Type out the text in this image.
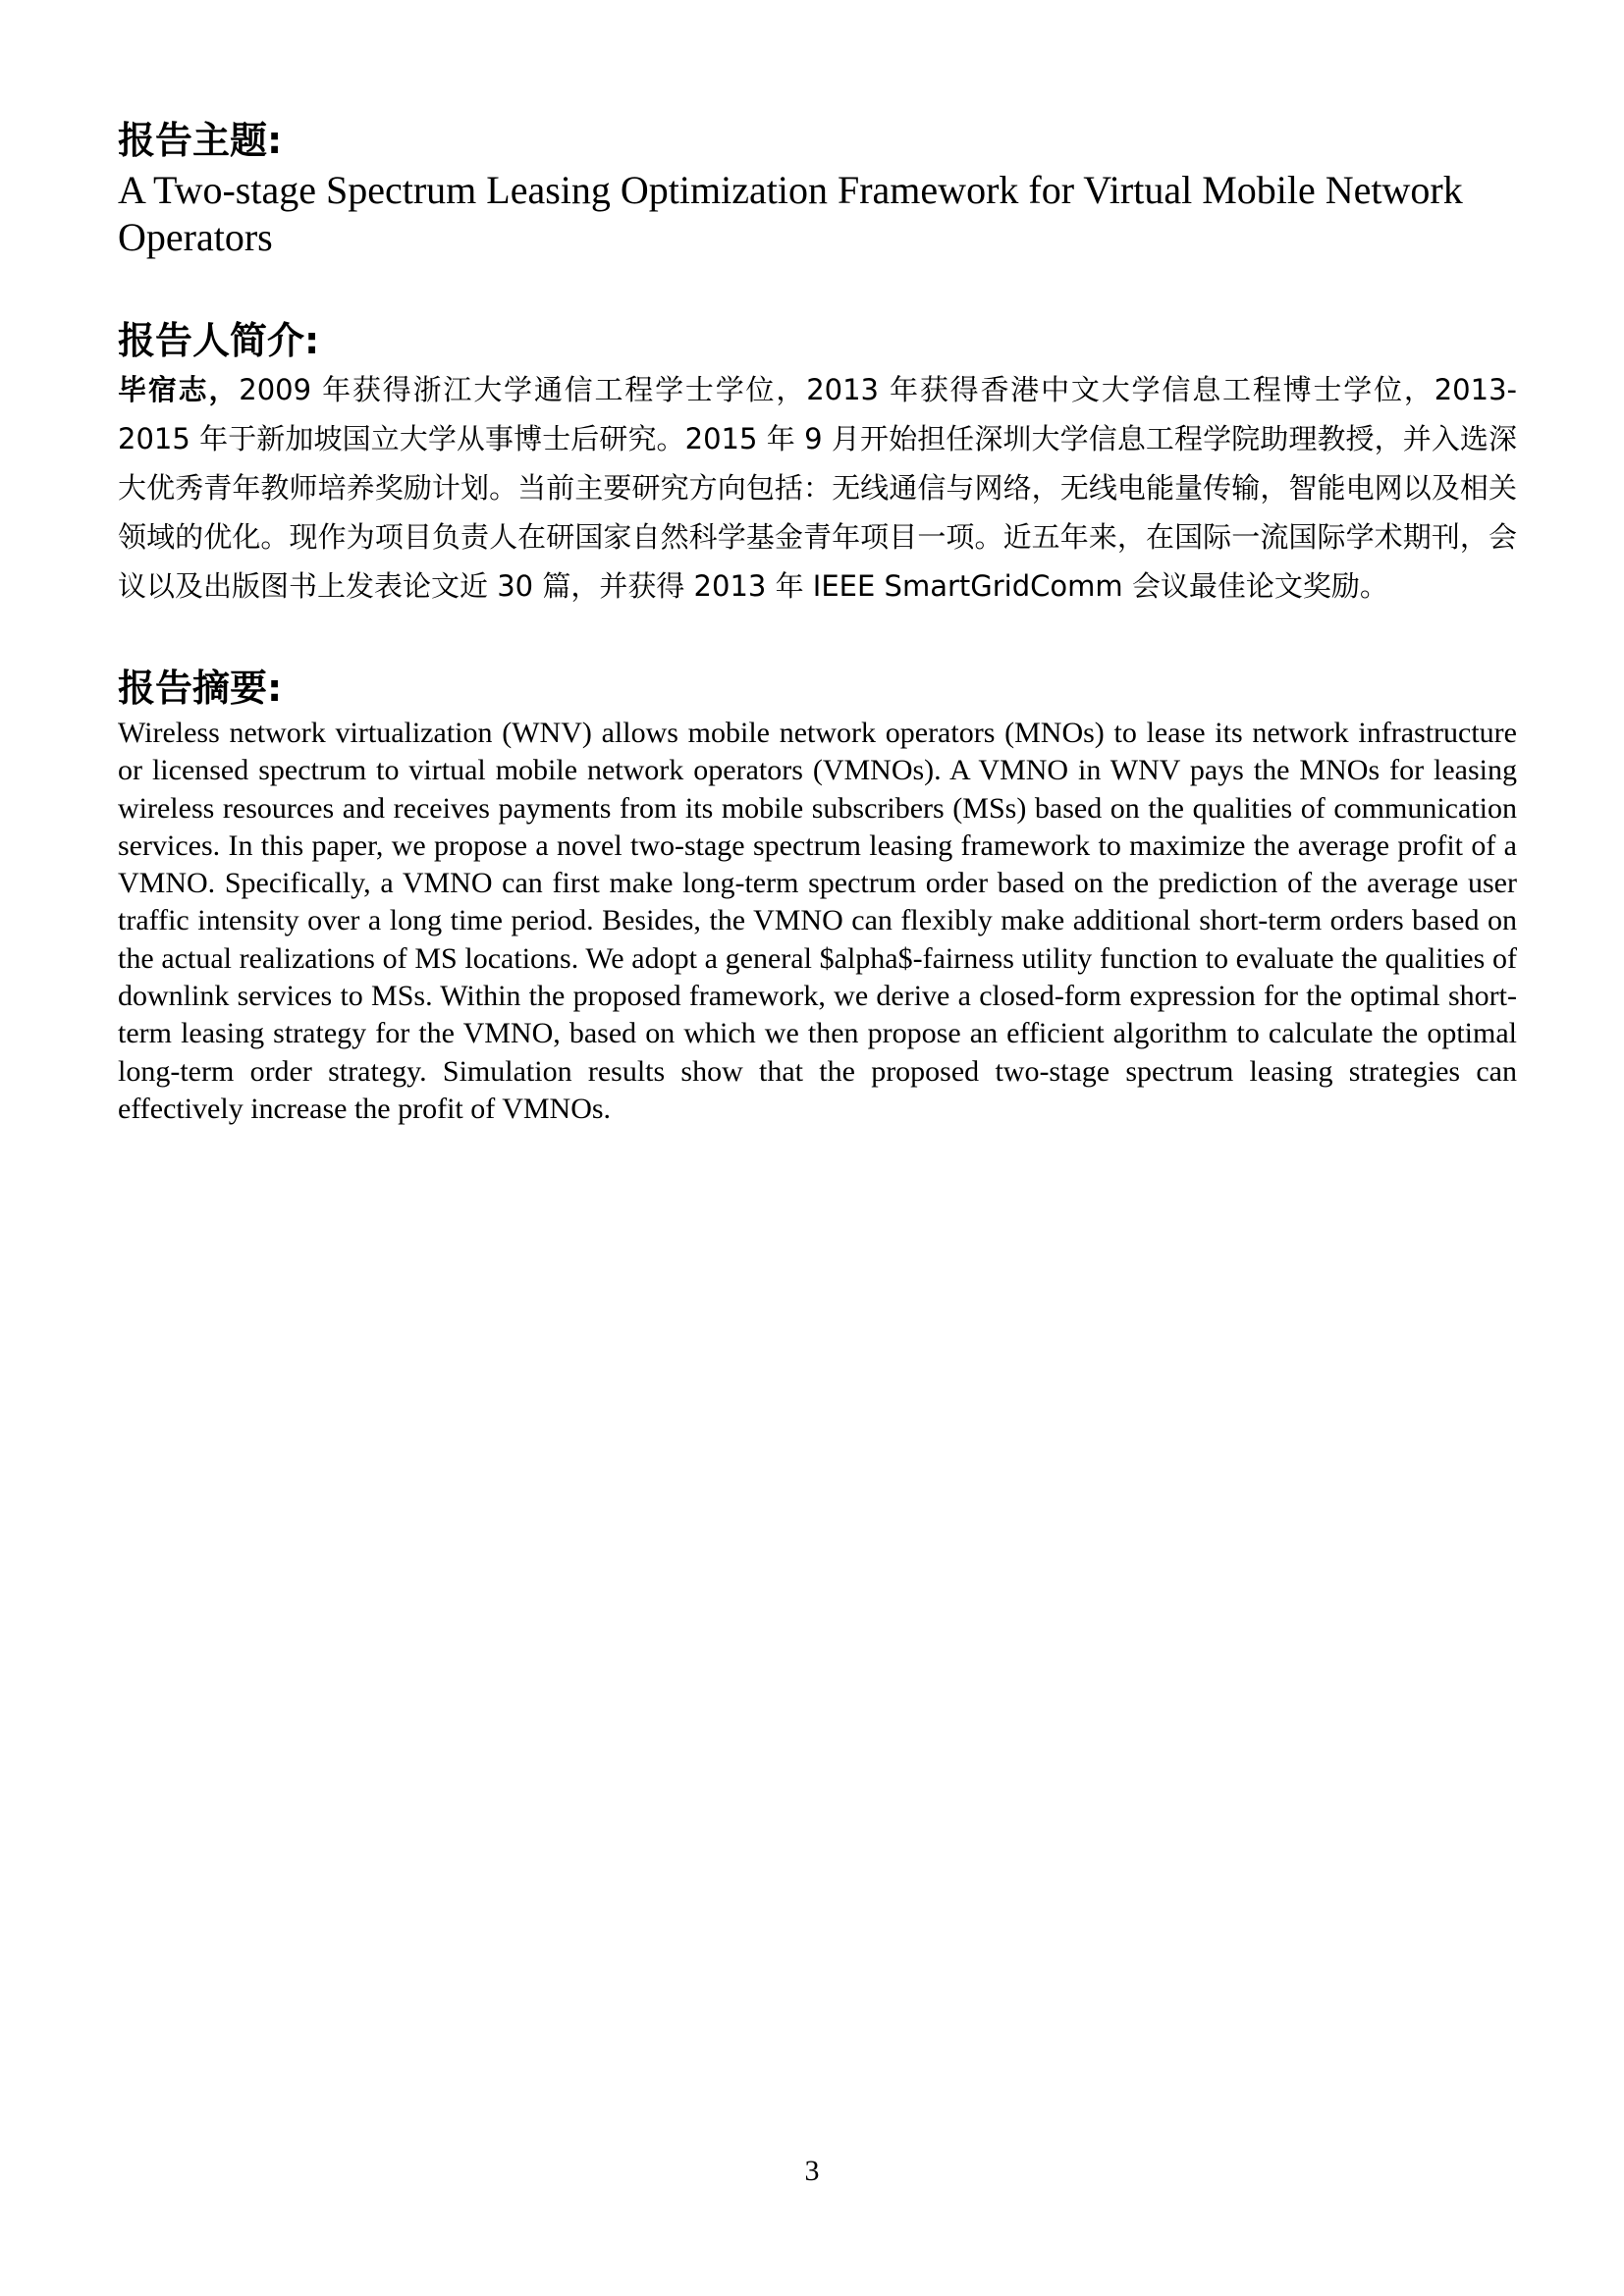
报告主题:

A Two-stage Spectrum Leasing Optimization Framework for Virtual Mobile Network Operators

报告人简介:

毕宿志，2009 年获得浙江大学通信工程学士学位，2013 年获得香港中文大学信息工程博士学位，2013-2015 年于新加坡国立大学从事博士后研究。2015 年 9 月开始担任深圳大学信息工程学院助理教授，并入选深大优秀青年教师培养奖励计划。当前主要研究方向包括：无线通信与网络，无线电能量传输，智能电网以及相关领域的优化。现作为项目负责人在研国家自然科学基金青年项目一项。近五年来，在国际一流国际学术期刊，会议以及出版图书上发表论文近 30 篇，并获得 2013 年 IEEE SmartGridComm 会议最佳论文奖励。

报告摘要:

Wireless network virtualization (WNV) allows mobile network operators (MNOs) to lease its network infrastructure or licensed spectrum to virtual mobile network operators (VMNOs). A VMNO in WNV pays the MNOs for leasing wireless resources and receives payments from its mobile subscribers (MSs) based on the qualities of communication services. In this paper, we propose a novel two-stage spectrum leasing framework to maximize the average profit of a VMNO. Specifically, a VMNO can first make long-term spectrum order based on the prediction of the average user traffic intensity over a long time period. Besides, the VMNO can flexibly make additional short-term orders based on the actual realizations of MS locations. We adopt a general $alpha$-fairness utility function to evaluate the qualities of downlink services to MSs. Within the proposed framework, we derive a closed-form expression for the optimal short-term leasing strategy for the VMNO, based on which we then propose an efficient algorithm to calculate the optimal long-term order strategy. Simulation results show that the proposed two-stage spectrum leasing strategies can effectively increase the profit of VMNOs.

3
